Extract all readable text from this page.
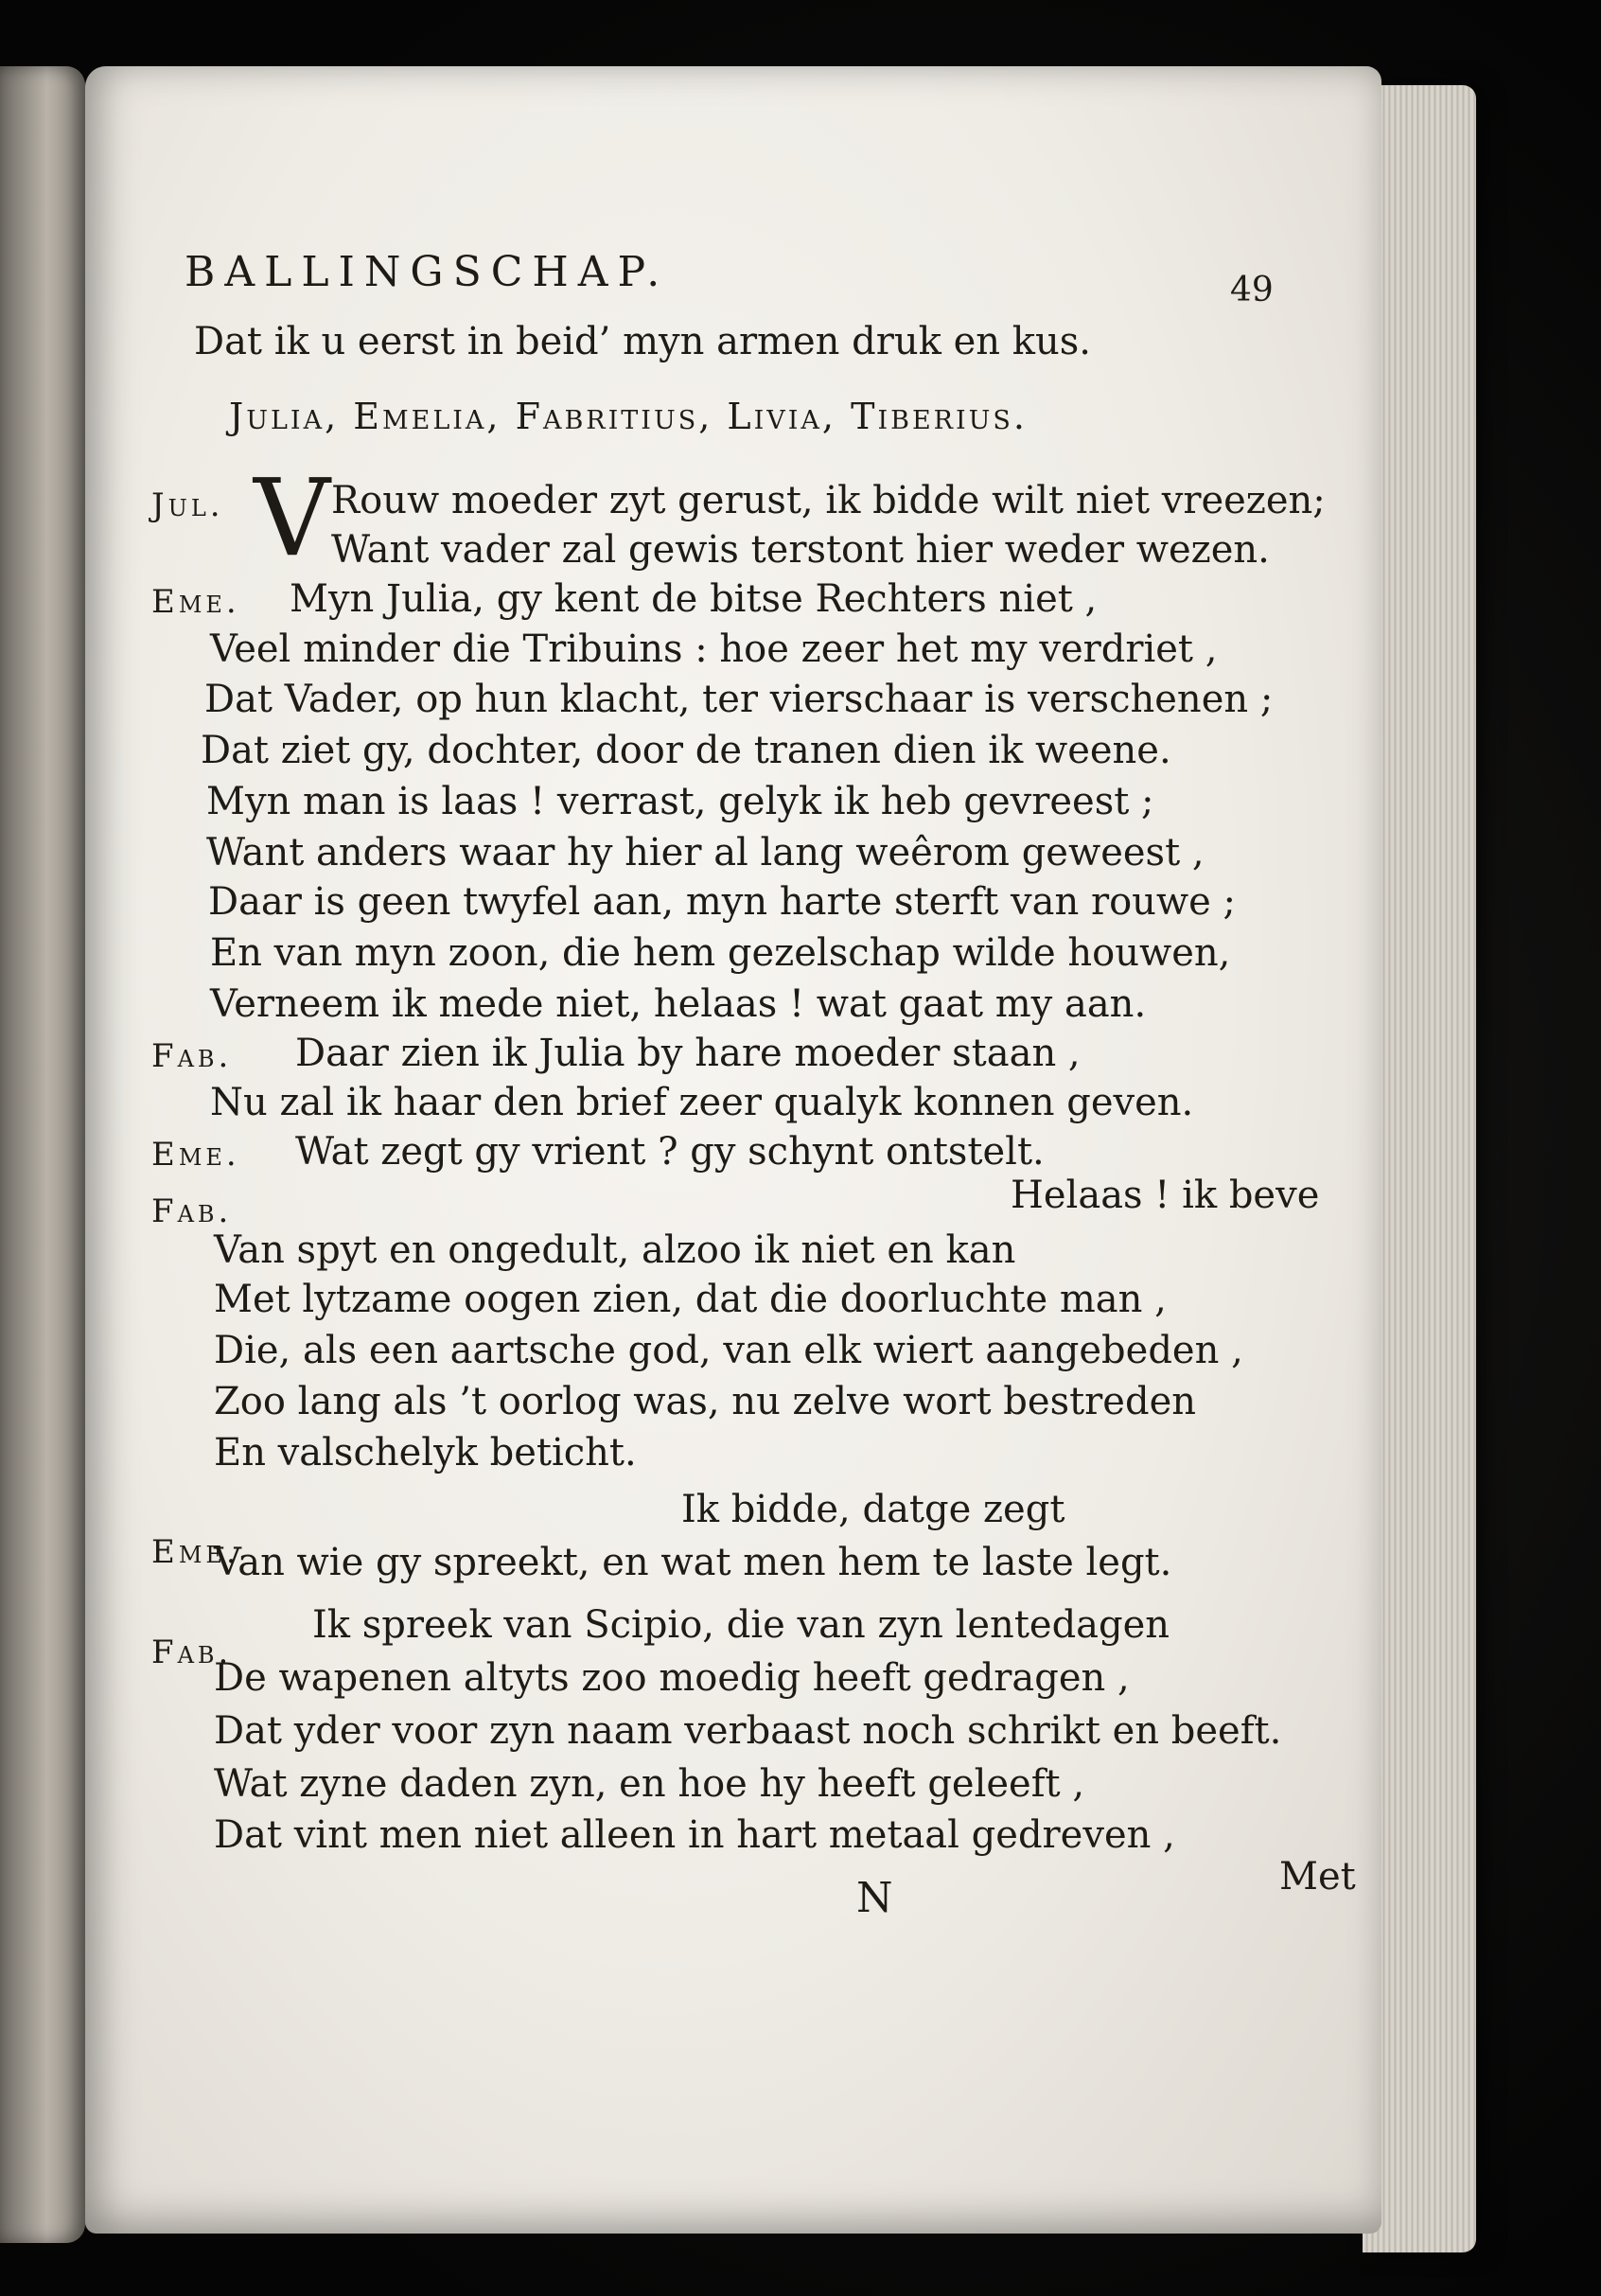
BALLINGSCHAP.	49
Dat ik u eerst in beid’ myn armen druk en kus.
Julia, Emelia, Fabritius, Livia, Tiberius.
Jul. V Rouw moeder zyt gerust, ik bidde wilt niet vreezen;
Want vader zal gewis terstont hier weder wezen.
Eme. Myn Julia, gy kent de bitse Rechters niet ,
Veel minder die Tribuins : hoe zeer het my verdriet ,
Dat Vader, op hun klacht, ter vierschaar is verschenen ;
Dat ziet gy, dochter, door de tranen dien ik weene.
Myn man is laas ! verrast, gelyk ik heb gevreest ;
Want anders waar hy hier al lang weêrom geweest ,
Daar is geen twyfel aan, myn harte sterft van rouwe ;
En van myn zoon, die hem gezelschap wilde houwen,
Verneem ik mede niet, helaas ! wat gaat my aan.
Fab. Daar zien ik Julia by hare moeder staan ,
Nu zal ik haar den brief zeer qualyk konnen geven.
Eme. Wat zegt gy vrient ? gy schynt ontstelt.
Fab.	Helaas ! ik beve
Van spyt en ongedult, alzoo ik niet en kan
Met lytzame oogen zien, dat die doorluchte man ,
Die, als een aartsche god, van elk wiert aangebeden ,
Zoo lang als ’t oorlog was, nu zelve wort bestreden
En valschelyk beticht.
Eme.
Ik bidde, datge zegt
Van wie gy spreekt, en wat men hem te laste legt.
Fab.
Ik spreek van Scipio, die van zyn lentedagen
De wapenen altyts zoo moedig heeft gedragen ,
Dat yder voor zyn naam verbaast noch schrikt en beeft.
Wat zyne daden zyn, en hoe hy heeft geleeft ,
Dat vint men niet alleen in hart metaal gedreven ,
N	Met
